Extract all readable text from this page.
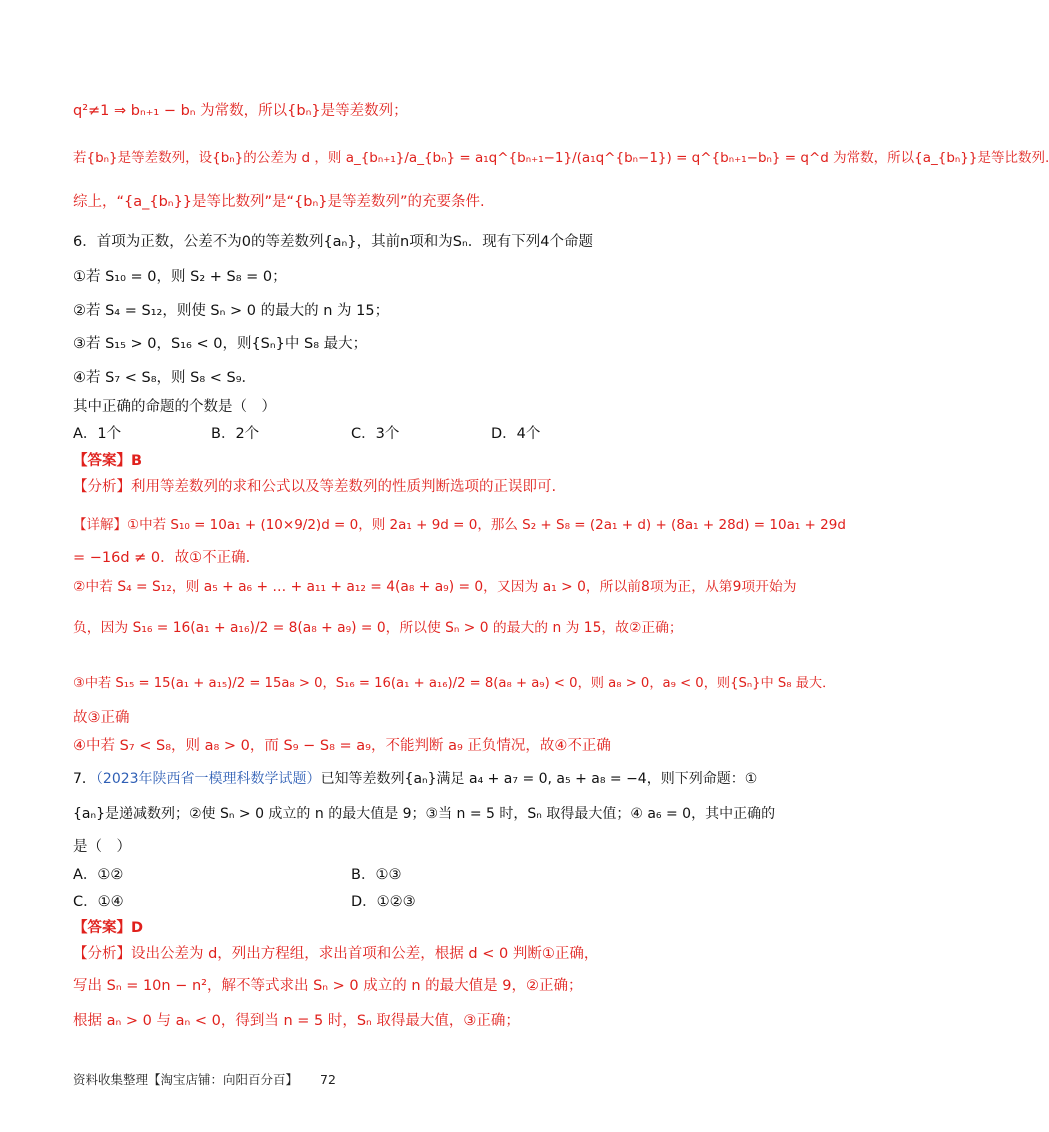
q²≠1 ⇒ bₙ₊₁ − bₙ 为常数，所以{bₙ}是等差数列；
若{bₙ}是等差数列，设{bₙ}的公差为 d ，则 a_{bₙ₊₁}/a_{bₙ} = a₁q^{bₙ₊₁−1}/(a₁q^{bₙ−1}) = q^{bₙ₊₁−bₙ} = q^d 为常数，所以{a_{bₙ}}是等比数列.
综上，“{a_{bₙ}}是等比数列”是“{bₙ}是等差数列”的充要条件.
6．首项为正数，公差不为0的等差数列{aₙ}，其前n项和为Sₙ．现有下列4个命题
①若 S₁₀ = 0，则 S₂ + S₈ = 0；
②若 S₄ = S₁₂，则使 Sₙ > 0 的最大的 n 为 15；
③若 S₁₅ > 0，S₁₆ < 0，则{Sₙ}中 S₈ 最大；
④若 S₇ < S₈，则 S₈ < S₉．
其中正确的命题的个数是（　）
A．1个	B．2个	C．3个	D．4个
【答案】B
【分析】利用等差数列的求和公式以及等差数列的性质判断选项的正误即可.
【详解】①中若 S₁₀ = 10a₁ + (10×9/2)d = 0，则 2a₁ + 9d = 0，那么 S₂ + S₈ = (2a₁ + d) + (8a₁ + 28d) = 10a₁ + 29d
= −16d ≠ 0．故①不正确．
②中若 S₄ = S₁₂，则 a₅ + a₆ + … + a₁₁ + a₁₂ = 4(a₈ + a₉) = 0，又因为 a₁ > 0，所以前8项为正，从第9项开始为
负，因为 S₁₆ = 16(a₁ + a₁₆)/2 = 8(a₈ + a₉) = 0，所以使 Sₙ > 0 的最大的 n 为 15，故②正确；
③中若 S₁₅ = 15(a₁ + a₁₅)/2 = 15a₈ > 0，S₁₆ = 16(a₁ + a₁₆)/2 = 8(a₈ + a₉) < 0，则 a₈ > 0，a₉ < 0，则{Sₙ}中 S₈ 最大．
故③正确
④中若 S₇ < S₈，则 a₈ > 0，而 S₉ − S₈ = a₉，不能判断 a₉ 正负情况，故④不正确
7．（2023年陕西省一模理科数学试题）已知等差数列{aₙ}满足 a₄ + a₇ = 0, a₅ + a₈ = −4，则下列命题：①
{aₙ}是递减数列；②使 Sₙ > 0 成立的 n 的最大值是 9；③当 n = 5 时，Sₙ 取得最大值；④ a₆ = 0，其中正确的
是（　）
A．①②	B．①③
C．①④	D．①②③
【答案】D
【分析】设出公差为 d，列出方程组，求出首项和公差，根据 d < 0 判断①正确，
写出 Sₙ = 10n − n²，解不等式求出 Sₙ > 0 成立的 n 的最大值是 9，②正确；
根据 aₙ > 0 与 aₙ < 0，得到当 n = 5 时，Sₙ 取得最大值，③正确；
资料收集整理【淘宝店铺：向阳百分百】 72
